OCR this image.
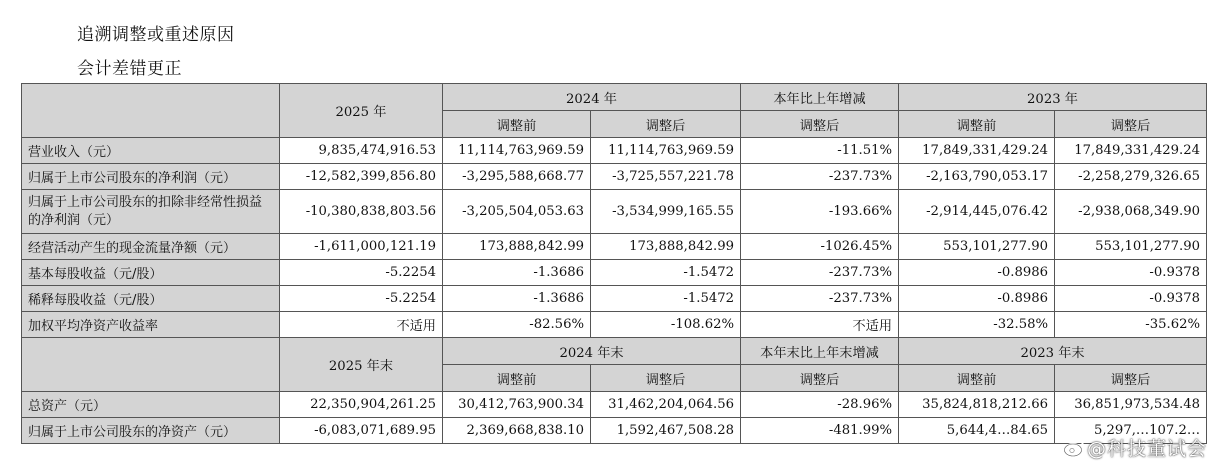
追溯调整或重述原因
会计差错更正
	2025 年	2024 年		本年比上年增减	2023 年	
		调整前	调整后	调整后	调整前	调整后
营业收入（元）	9,835,474,916.53	11,114,763,969.59	11,114,763,969.59	-11.51%	17,849,331,429.24	17,849,331,429.24
归属于上市公司股东的净利润（元）	-12,582,399,856.80	-3,295,588,668.77	-3,725,557,221.78	-237.73%	-2,163,790,053.17	-2,258,279,326.65
归属于上市公司股东的扣除非经常性损益的净利润（元）	-10,380,838,803.56	-3,205,504,053.63	-3,534,999,165.55	-193.66%	-2,914,445,076.42	-2,938,068,349.90
经营活动产生的现金流量净额（元）	-1,611,000,121.19	173,888,842.99	173,888,842.99	-1026.45%	553,101,277.90	553,101,277.90
基本每股收益（元/股）	-5.2254	-1.3686	-1.5472	-237.73%	-0.8986	-0.9378
稀释每股收益（元/股）	-5.2254	-1.3686	-1.5472	-237.73%	-0.8986	-0.9378
加权平均净资产收益率	不适用	-82.56%	-108.62%	不适用	-32.58%	-35.62%
	2025 年末	2024 年末		本年末比上年末增减	2023 年末	
		调整前	调整后	调整后	调整前	调整后
总资产（元）	22,350,904,261.25	30,412,763,900.34	31,462,204,064.56	-28.96%	35,824,818,212.66	36,851,973,534.48
归属于上市公司股东的净资产（元）	-6,083,071,689.95	2,369,668,838.10	1,592,467,508.28	-481.99%	5,644,4…84.65	5,297,…107.2…
@科技董试会
